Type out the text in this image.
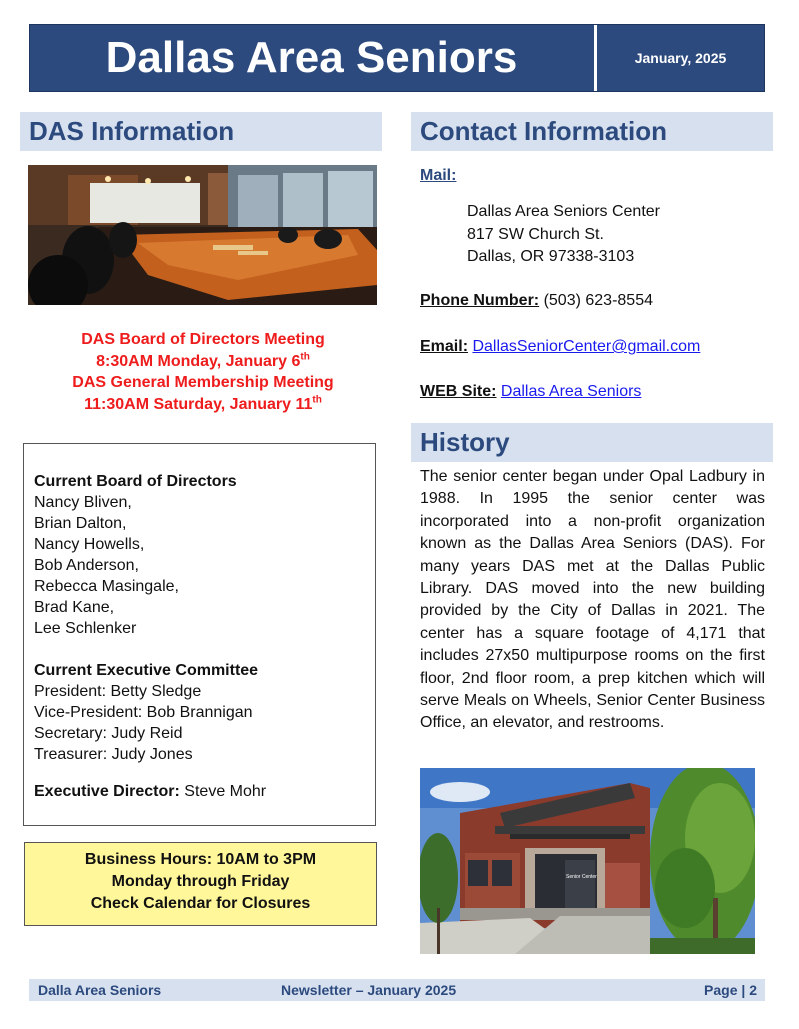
Dallas Area Seniors	January, 2025
DAS Information	Contact Information
History
DAS Board of Directors Meeting
8:30AM Monday, January 6th
DAS General Membership Meeting
11:30AM Saturday, January 11th
Current Board of Directors
Nancy Bliven,
Brian Dalton,
Nancy Howells,
Bob Anderson,
Rebecca Masingale,
Brad Kane,
Lee Schlenker
Current Executive Committee
President: Betty Sledge
Vice-President: Bob Brannigan
Secretary: Judy Reid
Treasurer: Judy Jones
Executive Director: Steve Mohr
Business Hours: 10AM to 3PM
Monday through Friday
Check Calendar for Closures
Mail:
Dallas Area Seniors Center
817 SW Church St.
Dallas, OR 97338-3103
Phone Number: (503) 623-8554
Email: DallasSeniorCenter@gmail.com
WEB Site: Dallas Area Seniors
The senior center began under Opal Ladbury in 1988. In 1995 the senior center was incorporated into a non-profit organization known as the Dallas Area Seniors (DAS). For many years DAS met at the Dallas Public Library. DAS moved into the new building provided by the City of Dallas in 2021. The center has a square footage of 4,171 that includes 27x50 multipurpose rooms on the first floor, 2nd floor room, a prep kitchen which will serve Meals on Wheels, Senior Center Business Office, an elevator, and restrooms.
Senior Center
Dalla Area Seniors	Newsletter – January 2025	Page | 2
